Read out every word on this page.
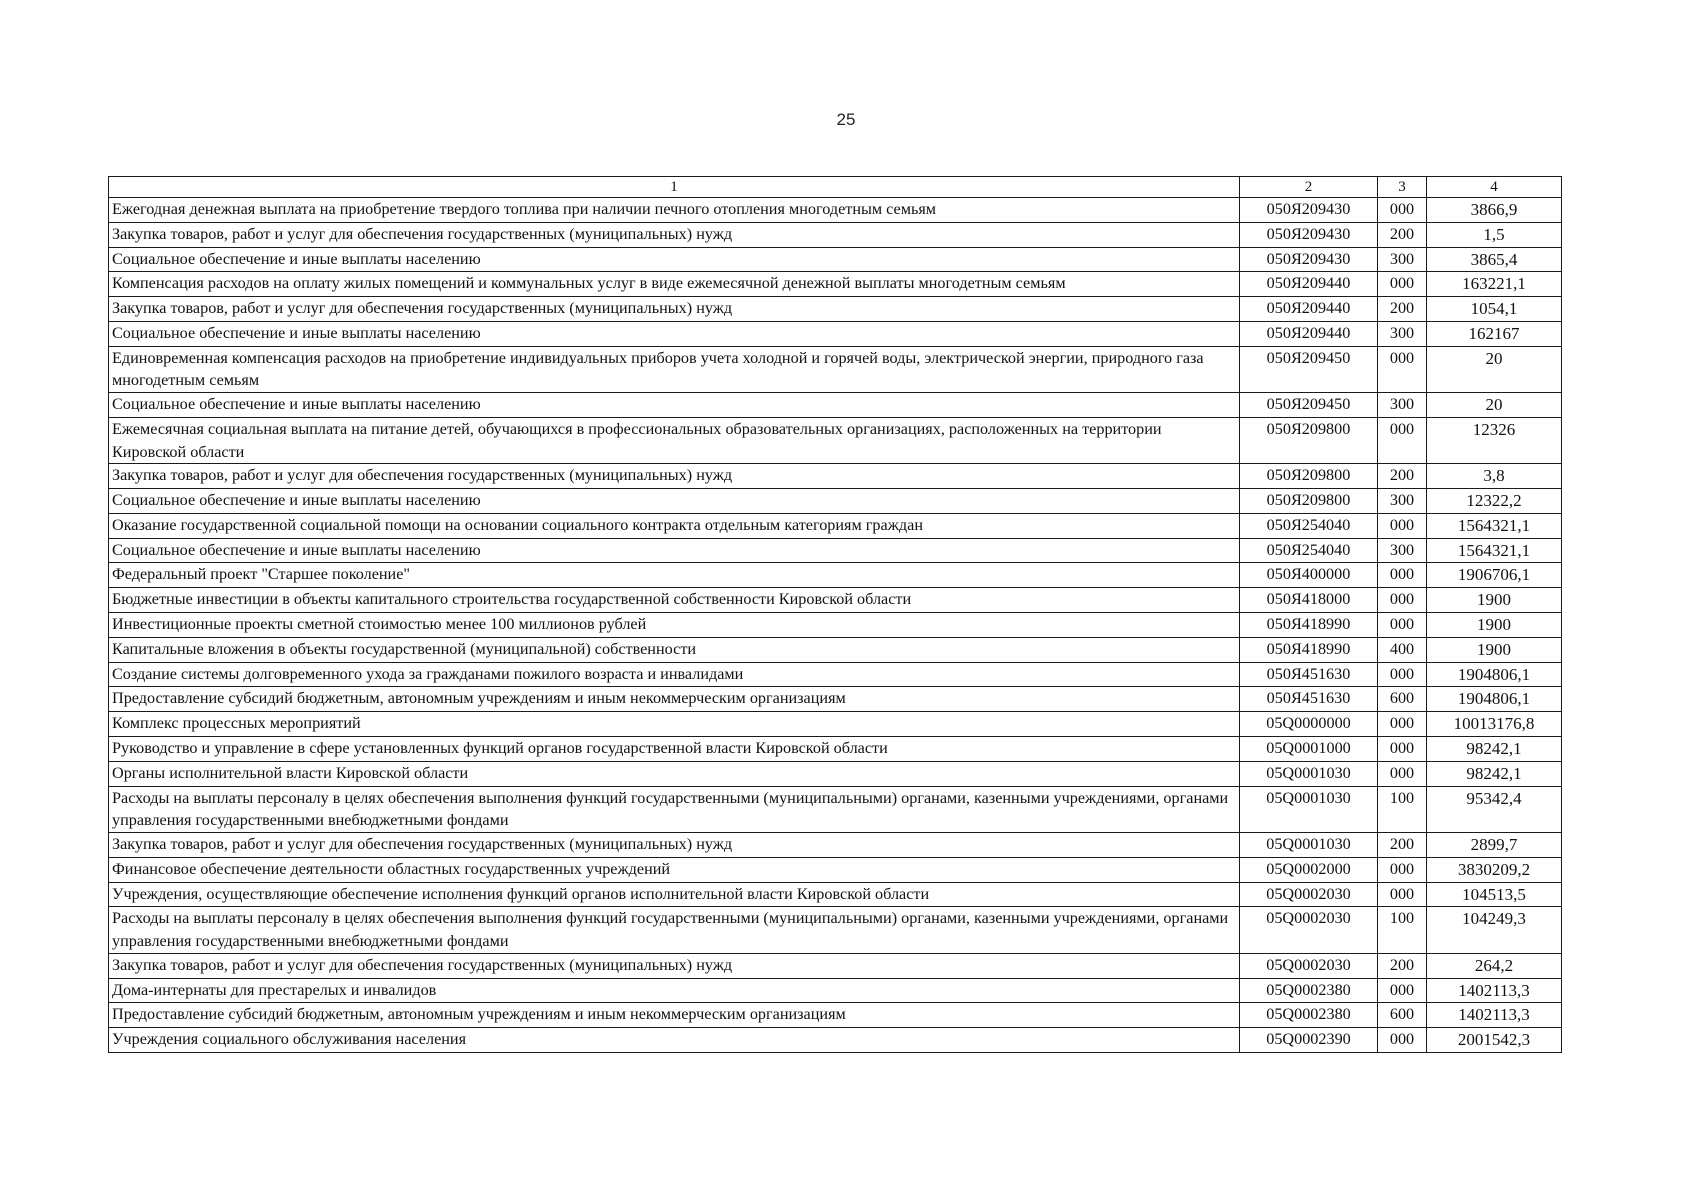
25
1	2	3	4
Ежегодная денежная выплата на приобретение твердого топлива при наличии печного отопления многодетным семьям	050Я209430	000	3866,9
Закупка товаров, работ и услуг для обеспечения государственных (муниципальных) нужд	050Я209430	200	1,5
Социальное обеспечение и иные выплаты населению	050Я209430	300	3865,4
Компенсация расходов на оплату жилых помещений и коммунальных услуг в виде ежемесячной денежной выплаты многодетным семьям	050Я209440	000	163221,1
Закупка товаров, работ и услуг для обеспечения государственных (муниципальных) нужд	050Я209440	200	1054,1
Социальное обеспечение и иные выплаты населению	050Я209440	300	162167
Единовременная компенсация расходов на приобретение индивидуальных приборов учета холодной и горячей воды, электрической энергии, природного газа многодетным семьям	050Я209450	000	20
Социальное обеспечение и иные выплаты населению	050Я209450	300	20
Ежемесячная социальная выплата на питание детей, обучающихся в профессиональных образовательных организациях, расположенных на территории Кировской области	050Я209800	000	12326
Закупка товаров, работ и услуг для обеспечения государственных (муниципальных) нужд	050Я209800	200	3,8
Социальное обеспечение и иные выплаты населению	050Я209800	300	12322,2
Оказание государственной социальной помощи на основании социального контракта отдельным категориям граждан	050Я254040	000	1564321,1
Социальное обеспечение и иные выплаты населению	050Я254040	300	1564321,1
Федеральный проект "Старшее поколение"	050Я400000	000	1906706,1
Бюджетные инвестиции в объекты капитального строительства государственной собственности Кировской области	050Я418000	000	1900
Инвестиционные проекты сметной стоимостью менее 100 миллионов рублей	050Я418990	000	1900
Капитальные вложения в объекты государственной (муниципальной) собственности	050Я418990	400	1900
Создание системы долговременного ухода за гражданами пожилого возраста и инвалидами	050Я451630	000	1904806,1
Предоставление субсидий бюджетным, автономным учреждениям и иным некоммерческим организациям	050Я451630	600	1904806,1
Комплекс процессных мероприятий	05Q0000000	000	10013176,8
Руководство и управление в сфере установленных функций органов государственной власти Кировской области	05Q0001000	000	98242,1
Органы исполнительной власти Кировской области	05Q0001030	000	98242,1
Расходы на выплаты персоналу в целях обеспечения выполнения функций государственными (муниципальными) органами, казенными учреждениями, органами управления государственными внебюджетными фондами	05Q0001030	100	95342,4
Закупка товаров, работ и услуг для обеспечения государственных (муниципальных) нужд	05Q0001030	200	2899,7
Финансовое обеспечение деятельности областных государственных учреждений	05Q0002000	000	3830209,2
Учреждения, осуществляющие обеспечение исполнения функций органов исполнительной власти Кировской области	05Q0002030	000	104513,5
Расходы на выплаты персоналу в целях обеспечения выполнения функций государственными (муниципальными) органами, казенными учреждениями, органами управления государственными внебюджетными фондами	05Q0002030	100	104249,3
Закупка товаров, работ и услуг для обеспечения государственных (муниципальных) нужд	05Q0002030	200	264,2
Дома-интернаты для престарелых и инвалидов	05Q0002380	000	1402113,3
Предоставление субсидий бюджетным, автономным учреждениям и иным некоммерческим организациям	05Q0002380	600	1402113,3
Учреждения социального обслуживания населения	05Q0002390	000	2001542,3
